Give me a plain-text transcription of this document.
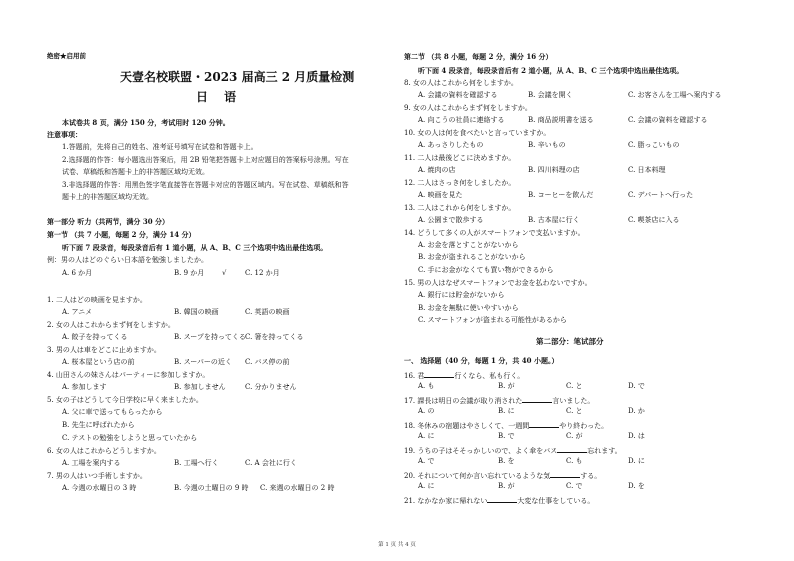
绝密★启用前
天壹名校联盟・2023 届高三 2 月质量检测
日 语
本试卷共 8 页，满分 150 分，考试用时 120 分钟。
注意事项：
1.答题前，先将自己的姓名、准考证号填写在试卷和答题卡上。
2.选择题的作答：每小题选出答案后，用 2B 铅笔把答题卡上对应题目的答案标号涂黑。写在
试卷、草稿纸和答题卡上的非答题区域均无效。
3.非选择题的作答：用黑色签字笔直接答在答题卡对应的答题区域内。写在试卷、草稿纸和答
题卡上的非答题区域均无效。
第一部分 听力（共两节，满分 30 分）
第一节 （共 7 小题，每题 2 分，满分 14 分）
听下面 7 段录音，每段录音后有 1 道小题，从 A、B、C 三个选项中选出最佳选项。
例：男の人はどのぐらい日本語を勉強しましたか。
A. 6 か月	B. 9 か月	√	C. 12 か月
1. 二人はどの映画を見ますか。
A. アニメ	B. 韓国の映画	C. 英語の映画
2. 女の人はこれからまず何をしますか。
A. 餃子を持ってくる	B. スープを持ってくる C. 箸を持ってくる
3. 男の人は車をどこに止めますか。
A. 桜本屋という店の前	B. スーパーの近く C. バス停の前
4. 山田さんの妹さんはパーティーに参加しますか。
A. 参加します	B. 参加しません	C. 分かりません
5. 女の子はどうして今日学校に早く来ましたか。
A. 父に車で送ってもらったから
B. 先生に呼ばれたから
C. テストの勉強をしようと思っていたから
6. 女の人はこれからどうしますか。
A. 工場を案内する	B. 工場へ行く	C. A 会社に行く
7. 男の人はいつ手術しますか。
A. 今週の水曜日の 3 時	B. 今週の土曜日の 9 時 C. 来週の水曜日の 2 時
第二节 （共 8 小题，每题 2 分，满分 16 分）
听下面 4 段录音，每段录音后有 2 道小题，从 A、B、C 三个选项中选出最佳选项。
8. 女の人はこれから何をしますか。
A. 会議の資料を確認する	B. 会議を開く	C. お客さんを工場へ案内する
9. 女の人はこれからまず何をしますか。
A. 向こうの社員に連絡する	B. 商品説明書を送る	C. 会議の資料を確認する
10. 女の人は何を食べたいと言っていますか。
A. あっさりしたもの	B. 辛いもの	C. 脂っこいもの
11. 二人は最後どこに決めますか。
A. 焼肉の店	B. 四川料理の店	C. 日本料理
12. 二人はさっき何をしましたか。
A. 映画を見た	B. コーヒーを飲んだ	C. デパートへ行った
13. 二人はこれから何をしますか。
A. 公園まで散歩する	B. 古本屋に行く	C. 喫茶店に入る
14. どうして多くの人がスマートフォンで支払いますか。
A. お金を落とすことがないから
B. お金が盗まれることがないから
C. 手にお金がなくても買い物ができるから
15. 男の人はなぜスマートフォンでお金を払わないですか。
A. 銀行には貯金がないから
B. お金を無駄に使いやすいから
C. スマートフォンが盗まれる可能性があるから
第二部分：笔试部分
一、 选择题（40 分，每题 1 分，共 40 小题。）
16. 君	行くなら、私も行く。
A. も	B. が	C. と	D. で
17. 課長は明日の会議が取り消された	言いました。
A. の	B. に	C. と	D. か
18. 冬休みの宿題はやさしくて、一週間	やり終わった。
A. に	B. で	C. が	D. は
19. うちの子はそそっかしいので、よく傘をバス	忘れます。
A. で	B. を	C. も	D. に
20. それについて何か言い忘れているような気	する。
A. に	B. が	C. で	D. を
21. なかなか家に帰れない	大変な仕事をしている。
第 1 页 共 4 页
